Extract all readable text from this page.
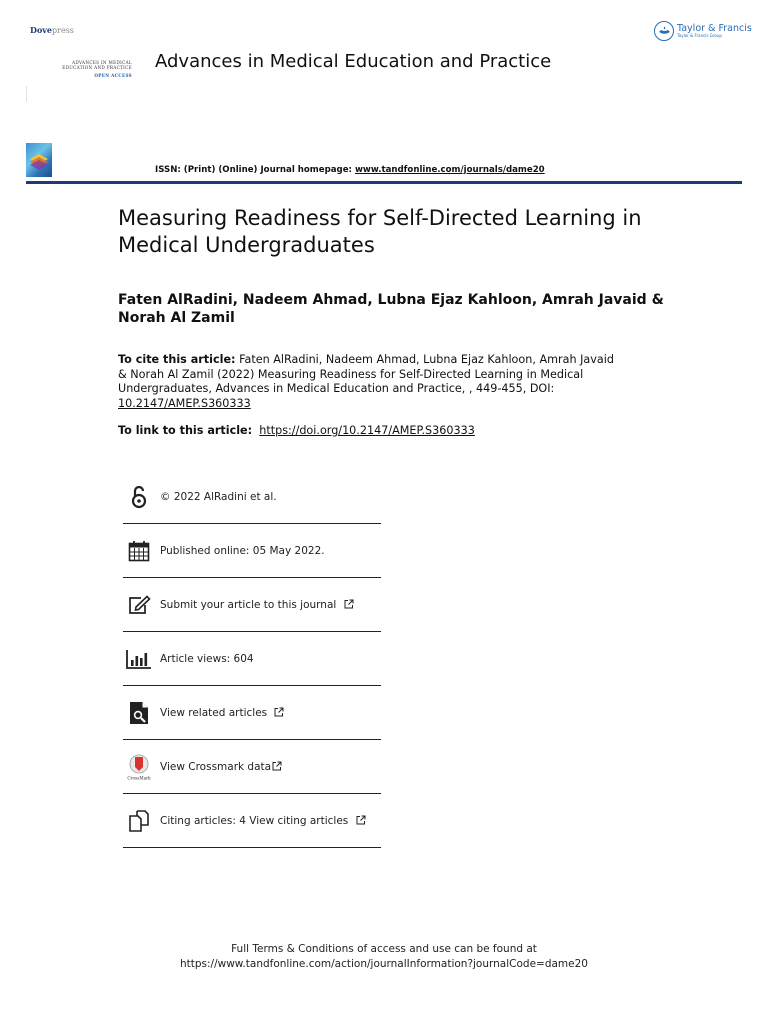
Dovepress	Taylor & Francis
Taylor & Francis Group
ADVANCES IN MEDICAL
EDUCATION AND PRACTICE
OPEN ACCESS
Advances in Medical Education and Practice
ISSN: (Print) (Online) Journal homepage: www.tandfonline.com/journals/dame20
Measuring Readiness for Self-Directed Learning in Medical Undergraduates
Faten AlRadini, Nadeem Ahmad, Lubna Ejaz Kahloon, Amrah Javaid & Norah Al Zamil
To cite this article: Faten AlRadini, Nadeem Ahmad, Lubna Ejaz Kahloon, Amrah Javaid & Norah Al Zamil (2022) Measuring Readiness for Self-Directed Learning in Medical Undergraduates, Advances in Medical Education and Practice, , 449-455, DOI: 10.2147/AMEP.S360333
To link to this article: https://doi.org/10.2147/AMEP.S360333
© 2022 AlRadini et al.
Published online: 05 May 2022.
Submit your article to this journal
Article views: 604
View related articles
CrossMark
View Crossmark data
Citing articles: 4 View citing articles
Full Terms & Conditions of access and use can be found at
https://www.tandfonline.com/action/journalInformation?journalCode=dame20
